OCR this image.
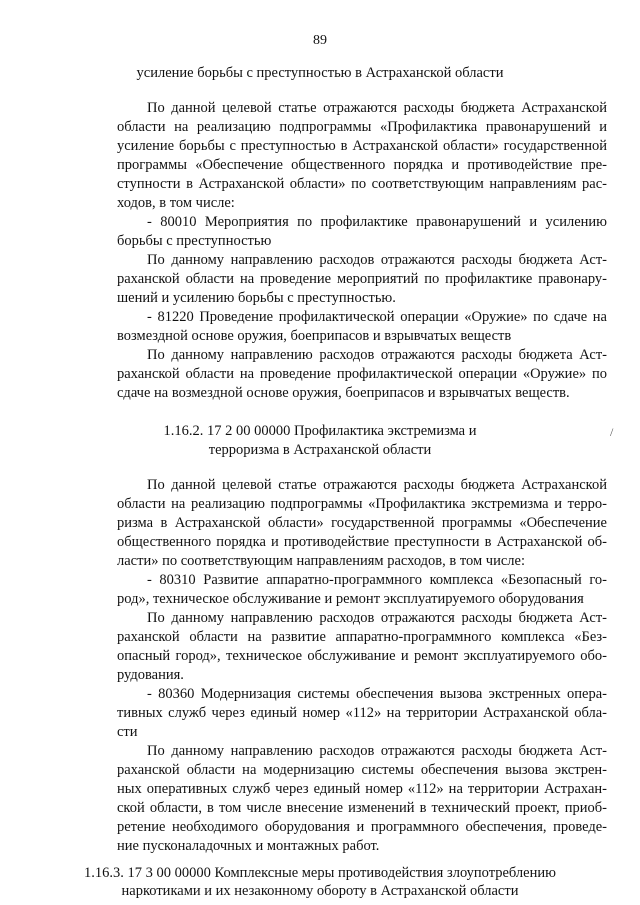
89
усиление борьбы с преступностью в Астраханской области
По данной целевой статье отражаются расходы бюджета Астраханской
области на реализацию подпрограммы «Профилактика правонарушений и
усиление борьбы с преступностью в Астраханской области» государственной
программы «Обеспечение общественного порядка и противодействие пре-
ступности в Астраханской области» по соответствующим направлениям рас-
ходов, в том числе:
- 80010 Мероприятия по профилактике правонарушений и усилению
борьбы с преступностью
По данному направлению расходов отражаются расходы бюджета Аст-
раханской области на проведение мероприятий по профилактике правонару-
шений и усилению борьбы с преступностью.
- 81220 Проведение профилактической операции «Оружие» по сдаче на
возмездной основе оружия, боеприпасов и взрывчатых веществ
По данному направлению расходов отражаются расходы бюджета Аст-
раханской области на проведение профилактической операции «Оружие» по
сдаче на возмездной основе оружия, боеприпасов и взрывчатых веществ.
1.16.2. 17 2 00 00000 Профилактика экстремизма и
терроризма в Астраханской области
/
По данной целевой статье отражаются расходы бюджета Астраханской
области на реализацию подпрограммы «Профилактика экстремизма и терро-
ризма в Астраханской области» государственной программы «Обеспечение
общественного порядка и противодействие преступности в Астраханской об-
ласти» по соответствующим направлениям расходов, в том числе:
- 80310 Развитие аппаратно-программного комплекса «Безопасный го-
род», техническое обслуживание и ремонт эксплуатируемого оборудования
По данному направлению расходов отражаются расходы бюджета Аст-
раханской области на развитие аппаратно-программного комплекса «Без-
опасный город», техническое обслуживание и ремонт эксплуатируемого обо-
рудования.
- 80360 Модернизация системы обеспечения вызова экстренных опера-
тивных служб через единый номер «112» на территории Астраханской обла-
сти
По данному направлению расходов отражаются расходы бюджета Аст-
раханской области на модернизацию системы обеспечения вызова экстрен-
ных оперативных служб через единый номер «112» на территории Астрахан-
ской области, в том числе внесение изменений в технический проект, приоб-
ретение необходимого оборудования и программного обеспечения, проведе-
ние пусконаладочных и монтажных работ.
1.16.3. 17 3 00 00000 Комплексные меры противодействия злоупотреблению
наркотиками и их незаконному обороту в Астраханской области
